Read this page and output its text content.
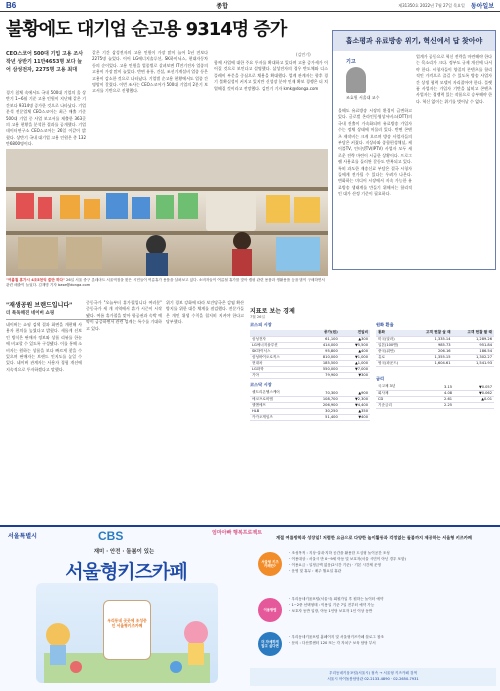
B6	종합	제31350호 2022년 7월 27일 목요일 동아일보
불황에도 대기업 순고용 9314명 증가
(김민기)
CEO스코어 500대 기업 고용 조사 작년 상반기 11만4653명 보다 늘어 삼성전자, 2275명 고용 최대
경기 침체 속에서도 국내 500대 기업의 올 상반기 1~6월 기준 고용 인원이 지난해 같은 기간보다 9314명 증가한 것으로 나타났다. 기업분석 전문업체 CEO스코어는 최근 매출 기준 500대 기업 중 사업 보고서를 제출한 363곳의 고용 현황을 분석한 결과를 공개했다. 기업데이터연구소 CEO스코어는 26일 이같이 밝혔다. 상반기 국내 대기업 고용 인원은 총 132만6800명이다.
같은 기간 삼성전자의 고용 인원이 가장 많이 늘어 1년 전보다 2275명 늘었다. 이어 LG에너지솔루션, SK하이닉스, 현대자동차 등의 순이었다. 고용 인원을 업종별로 살펴보면 IT전기전자 업종의 고용이 가장 많이 늘었다. 반면 유통, 건설, 조선기계설비 업종 등은 고용이 감소한 것으로 나타났다. 기업별 순고용 현황에서도 업종 간 명암이 갈렸다. 이번 조사는 CEO스코어가 500대 기업의 2분기 보고서를 기반으로 진행했다.
함께 사업에 대한 주요 투자를 확대하고 있다며 고용 증가세가 이어질 것으로 보인다고 설명했다. 삼성전자의 경우 반도체와 디스플레이 부문을 중심으로 채용을 확대했다. 업계 관계자는 향후 경기 불확실성이 커지고 있지만 신성장 분야 인재 확보 경쟁은 더 치열해질 것이라고 전망했다. 김민기 기자 kmk@donga.com
"여름철 휴가시 4조5천억 쓸만 하다" 26일 서울 중구 롯데마트 서울역점을 찾은 시민들이 여름휴가 용품을 살펴보고 있다. 소비자들이 여름철 휴가를 맞아 캠핑 관련 용품과 생활용품 등을 많이 구매하면서 관련 매출이 늘었다. 김재명 기자 base@donga.com
흡소평과 유료방송 위기, 혁신에서 답 찾아야
기고
조효원 서울대 교수
올해도 유료방송 시장의 환경이 급변하고 있다. 글로벌 온라인동영상서비스(OTT)의 국내 진출이 가속화되며 유료방송 가입자 수는 정체 상태에 머물러 있다. 반면 콘텐츠 제작비는 크게 오르며 방송 사업자들의 부담은 커졌다. 지상파와 종합편성채널, 케이블TV, 인터넷TV(IPTV) 사업자 모두 새로운 전략 마련이 시급한 상황이다. 프로그램 사용료를 둘러싼 갈등도 반복되고 있다. 특히 과도한 재송신료 부담은 결국 시청자들에게 전가될 수 있다는 우려가 나온다. 변화하는 미디어 시장에서 지속 가능한 유료방송 생태계를 만들기 위해서는 합리적인 대가 산정 기준이 필요하다.
업계가 공동으로 혁신 전략을 마련해야 한다는 목소리가 크다. 정부도 규제 개선에 나서야 한다. 시청자들이 양질의 콘텐츠를 합리적인 가격으로 즐길 수 있도록 방송 사업자 간 상생 협력 모델이 자리잡아야 한다. 플랫폼 사업자는 가입자 기반을 넓히고 콘텐츠 사업자는 경쟁력 있는 작품으로 승부해야 한다. 혁신 없이는 위기를 벗어날 수 없다.
"재생공원 브랜드입니다"
더 특독해진 네이버 쇼핑
네이버는 쇼핑 검색 결과 화면을 개편해 사용자 편의를 높였다고 밝혔다. 새롭게 선보인 방식은 판매자 정보와 상품 리뷰를 한눈에 비교할 수 있도록 구성됐다. 이를 통해 소비자는 원하는 상품을 보다 빠르게 찾을 수 있으며 판매자는 브랜드 인지도를 높일 수 있다. 네이버 관계자는 사용자 경험 개선에 지속적으로 투자하겠다고 말했다.
중동국가 "오늘부터 휴가철입니다 여러분" 중동국가 세 개 지역에서 휴가 시즌이 시작됐다. 여름 휴가철을 맞아 항공권과 숙박 예약이 급증하면서 관련 업계는 특수를 기대하고 있다.
위기 경보 강화에 따라 보건당국은 감염 확산 방지를 위한 대응 체계를 점검했다. 전문가들은 개인 위생 수칙을 철저히 지켜야 한다고 당부했다.
지표로 보는 경제
7월 26일
코스피 시장
	종가(원)	전일비
삼성전자	61,100	▲300
LG에너지솔루션	414,000	▼5,500
SK하이닉스	95,800	▲400
삼성바이오로직스	810,000	▼1,000
현대차	185,500	▲1,000
LG화학	550,000	▼7,000
기아	79,900	▼300
코스닥 시장
셀트리온헬스케어	70,300	▲900
에코프로비엠	108,700	▼2,300
엘앤에프	206,900	▼4,400
HLB	30,250	▲350
카카오게임즈	51,400	▼400
원화 환율
통화	고객 현찰 살 때	고객 현찰 팔 때
미국(달러)	1,335.14	1,289.26
일본(100엔)	985.73	951.84
중국(위안)	206.16	186.54
유로	1,355.15	1,302.27
영국(파운드)	1,604.61	1,541.93
금리
국고채 3년	3.15	▼0.057
회사채	4.08	▼0.062
CD	2.61	▲0.01
기준금리	2.25	
서울특별시	CBS	엄마아빠 행복프로젝트
재미 · 안전 · 돌봄이 있는
서울형키즈카페
우리동네 곳곳에 조성중인 서울형키즈카페
계절 여름방학과 성장일! 저렴한 요금으로 다양한 놀이활동과 걱정없는 돌봄까지 제공하는 서울형 키즈카페
서울형 키즈카페란?
ㆍ조성목적 : 지상·실내·지하 공간을 활용한 도심형 놀이공간 조성
ㆍ이용대상 : 서울시 만 0~9세 아동 및 보호자(서울 시민이 아닌 경우 포함)
ㆍ이용요금 : 일정금액 없음(2시간 기준) · 기본 시간제 운영
ㆍ운영 및 휴무 : 매주 월요일 휴관
이용방법
ㆍ우리동네키움포털(서울시) 회원가입 후 원하는 놀이터 예약
ㆍ1~2중 선택형태 : 이용일 기준 7일 전부터 예약 가능
ㆍ보호자 동반 입장, 아동 1인당 보호자 1인 이상 동반
더 자세하게 알고 싶다면
ㆍ우리동네키움포털 홈페이지 및 서울형키즈카페 블로그 참조
ㆍ문의 : 다산콜센터 120 또는 각 자치구 보육 담당 부서
우리동네키움포털(서울시) 접속 → 서울형 키즈카페 검색
서울시 아이돌봄담당관 02-2133-4890 · 02-2650-7931
